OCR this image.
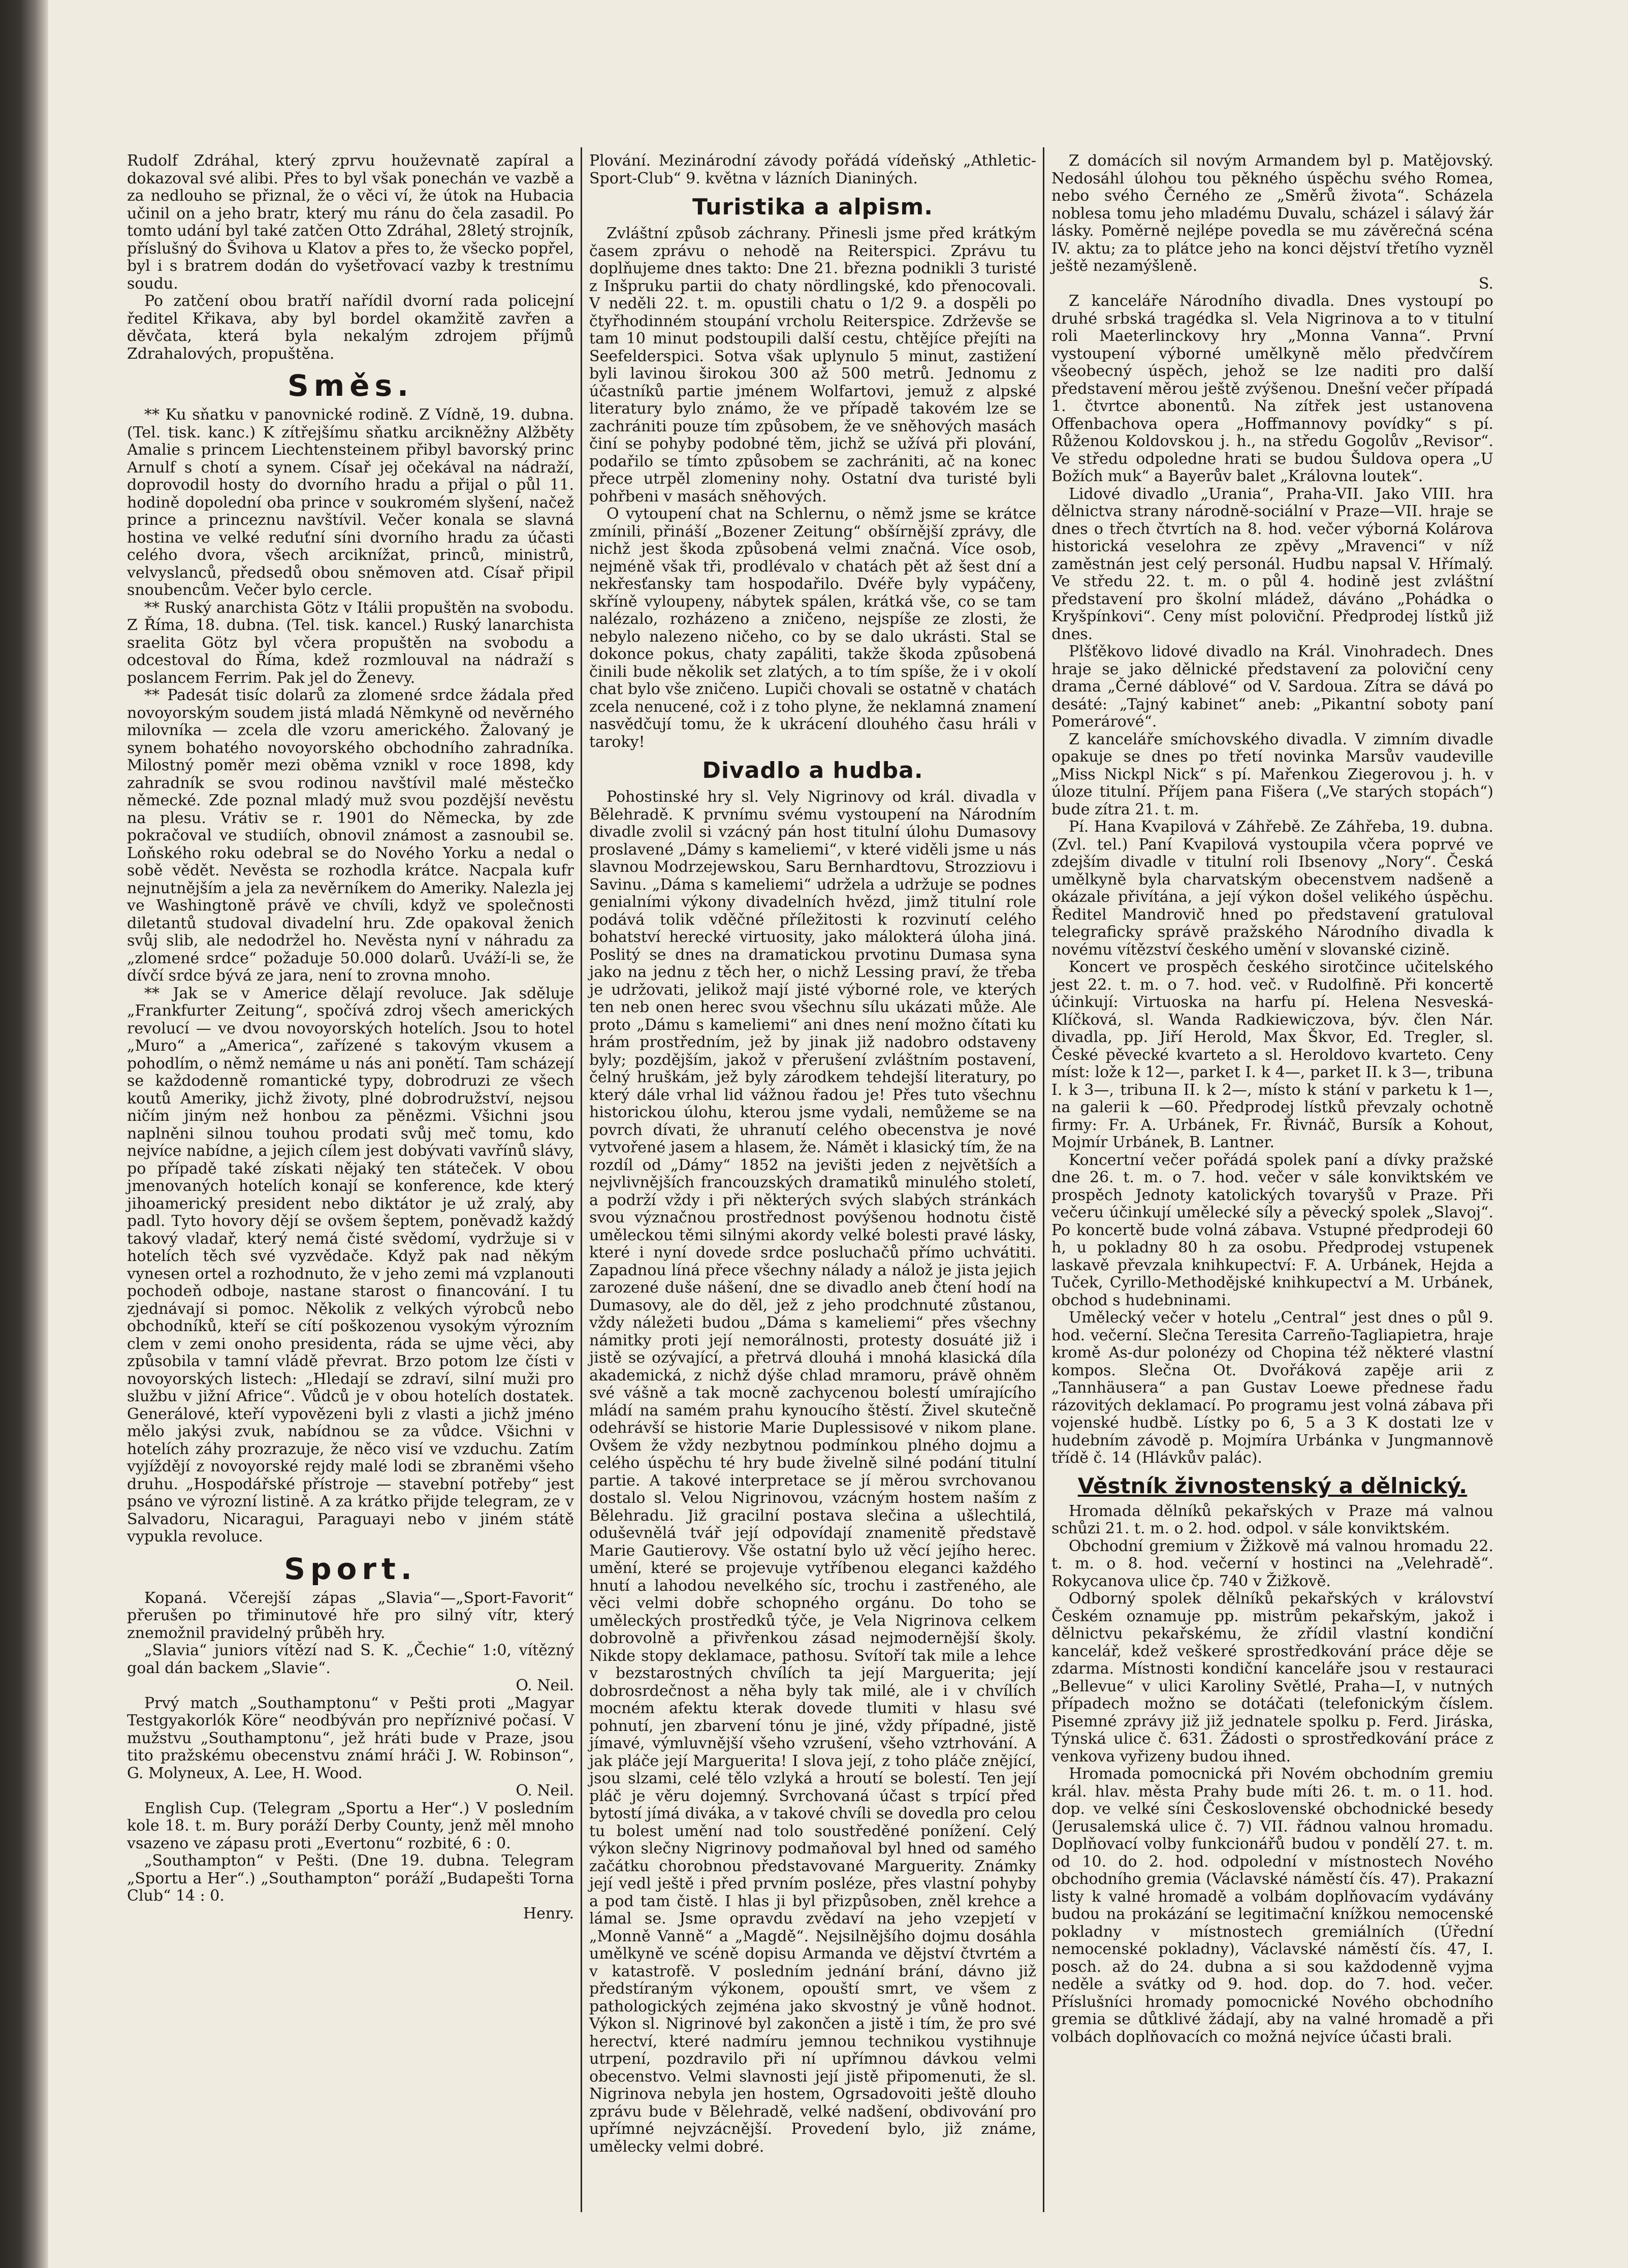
Rudolf Zdráhal, který zprvu houževnatě zapíral a dokazoval své alibi. Přes to byl však ponechán ve vazbě a za nedlouho se přiznal, že o věci ví, že útok na Hubacia učinil on a jeho bratr, který mu ránu do čela zasadil. Po tomto udání byl také zatčen Otto Zdráhal, 28letý strojník, příslušný do Švihova u Klatov a přes to, že všecko popřel, byl i s bratrem dodán do vyšetřovací vazby k trestnímu soudu.

Po zatčení obou bratří nařídil dvorní rada policejní ředitel Křikava, aby byl bordel okamžitě zavřen a děvčata, která byla nekalým zdrojem příjmů Zdrahalových, propuštěna.

Směs.

** Ku sňatku v panovnické rodině. Z Vídně, 19. dubna. (Tel. tisk. kanc.) K zítřejšímu sňatku arcikněžny Alžběty Amalie s princem Liechtensteinem přibyl bavorský princ Arnulf s chotí a synem. Císař jej očekával na nádraží, doprovodil hosty do dvorního hradu a přijal o půl 11. hodině dopolední oba prince v soukromém slyšení, načež prince a princeznu navštívil. Večer konala se slavná hostina ve velké reduťní síni dvorního hradu za účasti celého dvora, všech arciknížat, princů, ministrů, velvyslanců, předsedů obou sněmoven atd. Císař připil snoubencům. Večer bylo cercle.

** Ruský anarchista Götz v Itálii propuštěn na svobodu. Z Říma, 18. dubna. (Tel. tisk. kancel.) Ruský lanarchista sraelita Götz byl včera propuštěn na svobodu a odcestoval do Říma, kdež rozmlouval na nádraží s poslancem Ferrim. Pak jel do Ženevy.

** Padesát tisíc dolarů za zlomené srdce žádala před novoyorským soudem jistá mladá Němkyně od nevěrného milovníka — zcela dle vzoru amerického. Žalovaný je synem bohatého novoyorského obchodního zahradníka. Milostný poměr mezi oběma vznikl v roce 1898, kdy zahradník se svou rodinou navštívil malé městečko německé. Zde poznal mladý muž svou pozdější nevěstu na plesu. Vrátiv se r. 1901 do Německa, by zde pokračoval ve studiích, obnovil známost a zasnoubil se. Loňského roku odebral se do Nového Yorku a nedal o sobě vědět. Nevěsta se rozhodla krátce. Nacpala kufr nejnutnějším a jela za nevěrníkem do Ameriky. Nalezla jej ve Washingtoně právě ve chvíli, když ve společnosti diletantů studoval divadelní hru. Zde opakoval ženich svůj slib, ale nedodržel ho. Nevěsta nyní v náhradu za „zlomené srdce“ požaduje 50.000 dolarů. Uváží-li se, že dívčí srdce bývá ze jara, není to zrovna mnoho.

** Jak se v Americe dělají revoluce. Jak sděluje „Frankfurter Zeitung“, spočívá zdroj všech amerických revolucí — ve dvou novoyorských hotelích. Jsou to hotel „Muro“ a „America“, zařízené s takovým vkusem a pohodlím, o němž nemáme u nás ani ponětí. Tam scházejí se každodenně romantické typy, dobrodruzi ze všech koutů Ameriky, jichž životy, plné dobrodružství, nejsou ničím jiným než honbou za pěnězmi. Všichni jsou naplněni silnou touhou prodati svůj meč tomu, kdo nejvíce nabídne, a jejich cílem jest dobývati vavřínů slávy, po případě také získati nějaký ten státeček. V obou jmenovaných hotelích konají se konference, kde který jihoamerický president nebo diktátor je už zralý, aby padl. Tyto hovory dějí se ovšem šeptem, poněvadž každý takový vladař, který nemá čisté svědomí, vydržuje si v hotelích těch své vyzvědače. Když pak nad někým vynesen ortel a rozhodnuto, že v jeho zemi má vzplanouti pochodeň odboje, nastane starost o financování. I tu zjednávají si pomoc. Několik z velkých výrobců nebo obchodníků, kteří se cítí poškozenou vysokým výrozním clem v zemi onoho presidenta, ráda se ujme věci, aby způsobila v tamní vládě převrat. Brzo potom lze čísti v novoyorských listech: „Hledají se zdraví, silní muži pro službu v jižní Africe“. Vůdců je v obou hotelích dostatek. Generálové, kteří vypovězeni byli z vlasti a jichž jméno mělo jakýsi zvuk, nabídnou se za vůdce. Všichni v hotelích záhy prozrazuje, že něco visí ve vzduchu. Zatím vyjíždějí z novoyorské rejdy malé lodi se zbraněmi všeho druhu. „Hospodářské přístroje — stavební potřeby“ jest psáno ve výrozní listině. A za krátko přijde telegram, ze v Salvadoru, Nicaragui, Paraguayi nebo v jiném státě vypukla revoluce.

Sport.

Kopaná. Včerejší zápas „Slavia“—„Sport-Favorit“ přerušen po třiminutové hře pro silný vítr, který znemožnil pravidelný průběh hry.

„Slavia“ juniors vítězí nad S. K. „Čechie“ 1:0, vítězný goal dán backem „Slavie“.

O. Neil.

Prvý match „Southamptonu“ v Pešti proti „Magyar Testgyakorlók Köre“ neodbýván pro nepříznivé počasí. V mužstvu „Southamptonu“, jež hráti bude v Praze, jsou tito pražskému obecenstvu známí hráči J. W. Robinson“, G. Molyneux, A. Lee, H. Wood.

O. Neil.

English Cup. (Telegram „Sportu a Her“.) V posledním kole 18. t. m. Bury poráží Derby County, jenž měl mnoho vsazeno ve zápasu proti „Evertonu“ rozbité, 6 : 0.

„Southampton“ v Pešti. (Dne 19. dubna. Telegram „Sportu a Her“.) „Southampton“ poráží „Budapešti Torna Club“ 14 : 0.

Henry.

Plování. Mezinárodní závody pořádá vídeňský „Athletic-Sport-Club“ 9. května v lázních Dianiných.

Turistika a alpism.

Zvláštní způsob záchrany. Přinesli jsme před krátkým časem zprávu o nehodě na Reiterspici. Zprávu tu doplňujeme dnes takto: Dne 21. března podnikli 3 turisté z Inšpruku partii do chaty nördlingské, kdo přenocovali. V neděli 22. t. m. opustili chatu o 1/2 9. a dospěli po čtyřhodinném stoupání vrcholu Reiterspice. Zdrževše se tam 10 minut podstoupili další cestu, chtějíce přejíti na Seefelderspici. Sotva však uplynulo 5 minut, zastižení byli lavinou širokou 300 až 500 metrů. Jednomu z účastníků partie jménem Wolfartovi, jemuž z alpské literatury bylo známo, že ve případě takovém lze se zachrániti pouze tím způsobem, že ve sněhových masách činí se pohyby podobné těm, jichž se užívá při plování, podařilo se tímto způsobem se zachrániti, ač na konec přece utrpěl zlomeniny nohy. Ostatní dva turisté byli pohřbeni v masách sněhových.

O vytoupení chat na Schlernu, o němž jsme se krátce zmínili, přináší „Bozener Zeitung“ obšírnější zprávy, dle nichž jest škoda způsobená velmi značná. Více osob, nejméně však tři, prodlévalo v chatách pět až šest dní a nekřesťansky tam hospodařilo. Dvéře byly vypáčeny, skříně vyloupeny, nábytek spálen, krátká vše, co se tam nalézalo, rozházeno a zničeno, nejspíše ze zlosti, že nebylo nalezeno ničeho, co by se dalo ukrásti. Stal se dokonce pokus, chaty zapáliti, takže škoda způsobená činili bude několik set zlatých, a to tím spíše, že i v okolí chat bylo vše zničeno. Lupiči chovali se ostatně v chatách zcela nenucené, což i z toho plyne, že neklamná znamení nasvědčují tomu, že k ukrácení dlouhého času hráli v taroky!

Divadlo a hudba.

Pohostinské hry sl. Vely Nigrinovy od král. divadla v Bělehradě. K prvnímu svému vystoupení na Národním divadle zvolil si vzácný pán host titulní úlohu Dumasovy proslavené „Dámy s kameliemi“, v které viděli jsme u nás slavnou Modrzejewskou, Saru Bernhardtovu, Strozziovu i Savinu. „Dáma s kameliemi“ udržela a udržuje se podnes genialními výkony divadelních hvězd, jimž titulní role podává tolik vděčné příležitosti k rozvinutí celého bohatství herecké virtuosity, jako málokterá úloha jiná. Poslitý se dnes na dramatickou prvotinu Dumasa syna jako na jednu z těch her, o nichž Lessing praví, že třeba je udržovati, jelikož mají jisté výborné role, ve kterých ten neb onen herec svou všechnu sílu ukázati může. Ale proto „Dámu s kameliemi“ ani dnes není možno čítati ku hrám prostředním, jež by jinak již nadobro odstaveny byly; pozdějším, jakož v přerušení zvláštním postavení, čelný hruškám, jež byly zárodkem tehdejší literatury, po který dále vrhal lid vážnou řadou je! Přes tuto všechnu historickou úlohu, kterou jsme vydali, nemůžeme se na povrch dívati, že uhranutí celého obecenstva je nové vytvořené jasem a hlasem, že. Námět i klasický tím, že na rozdíl od „Dámy“ 1852 na jevišti jeden z největších a nejvlivnějších francouzských dramatiků minulého století, a podrží vždy i při některých svých slabých stránkách svou význačnou prostřednost povýšenou hodnotu čistě uměleckou těmi silnými akordy velké bolesti pravé lásky, které i nyní dovede srdce posluchačů přímo uchvátiti. Zapadnou líná přece všechny nálady a nálož je jista jejich zarozené duše nášení, dne se divadlo aneb čtení hodí na Dumasovy, ale do děl, jež z jeho prodchnuté zůstanou, vždy náležeti budou „Dáma s kameliemi“ přes všechny námitky proti její nemorálnosti, protesty dosuáté již i jistě se ozývající, a přetrvá dlouhá i mnohá klasická díla akademická, z nichž dýše chlad mramoru, právě ohněm své vášně a tak mocně zachycenou bolestí umírajícího mládí na samém prahu kynoucího štěstí. Živel skutečně odehrávší se historie Marie Duplessisové v nikom plane. Ovšem že vždy nezbytnou podmínkou plného dojmu a celého úspěchu té hry bude živelně silné podání titulní partie. A takové interpretace se jí měrou svrchovanou dostalo sl. Velou Nigrinovou, vzácným hostem naším z Bělehradu. Již gracilní postava slečina a ušlechtilá, oduševnělá tvář její odpovídají znamenitě představě Marie Gautierovy. Vše ostatní bylo už věcí jejího herec. umění, které se projevuje vytříbenou eleganci každého hnutí a lahodou nevelkého síc, trochu i zastřeného, ale věci velmi dobře schopného orgánu. Do toho se uměleckých prostředků týče, je Vela Nigrinova celkem dobrovolně a přivřenkou zásad nejmodernější školy. Nikde stopy deklamace, pathosu. Svítoří tak mile a lehce v bezstarostných chvílích ta její Marguerita; její dobrosrdečnost a něha byly tak milé, ale i v chvílích mocném afektu kterak dovede tlumiti v hlasu své pohnutí, jen zbarvení tónu je jiné, vždy případné, jistě jímavé, výmluvnější všeho vzrušení, všeho vztrhování. A jak pláče její Marguerita! I slova její, z toho pláče znějící, jsou slzami, celé tělo vzlyká a hroutí se bolestí. Ten její pláč je věru dojemný. Svrchovaná účast s trpící před bytostí jímá diváka, a v takové chvíli se dovedla pro celou tu bolest umění nad tolo soustředěné ponížení. Celý výkon slečny Nigrinovy podmaňoval byl hned od samého začátku chorobnou představované Marguerity. Známky její vedl ještě i před prvním posléze, přes vlastní pohyby a pod tam čistě. I hlas ji byl přizpůsoben, zněl krehce a lámal se. Jsme opravdu zvědaví na jeho vzepjetí v „Monně Vanně“ a „Magdě“. Nejsilnějšího dojmu dosáhla umělkyně ve scéně dopisu Armanda ve dějství čtvrtém a v katastrofě. V posledním jednání brání, dávno již předstíraným výkonem, opouští smrt, ve všem z pathologických zejména jako skvostný je vůně hodnot. Výkon sl. Nigrinové byl zakončen a jistě i tím, že pro své herectví, které nadmíru jemnou technikou vystihnuje utrpení, pozdravilo při ní upřímnou dávkou velmi obecenstvo. Velmi slavnosti její jistě připomenuti, že sl. Nigrinova nebyla jen hostem, Ogrsadovoiti ještě dlouho zprávu bude v Bělehradě, velké nadšení, obdivování pro upřímné nejvzácnější. Provedení bylo, již známe, umělecky velmi dobré.

Z domácích sil novým Armandem byl p. Matějovský. Nedosáhl úlohou tou pěkného úspěchu svého Romea, nebo svého Černého ze „Směrů života“. Scházela noblesa tomu jeho mladému Duvalu, scházel i sálavý žár lásky. Poměrně nejlépe povedla se mu závěrečná scéna IV. aktu; za to plátce jeho na konci dějství třetího vyzněl ještě nezamýšleně.

S.

Z kanceláře Národního divadla. Dnes vystoupí po druhé srbská tragédka sl. Vela Nigrinova a to v titulní roli Maeterlinckovy hry „Monna Vanna“. První vystoupení výborné umělkyně mělo předvčírem všeobecný úspěch, jehož se lze naditi pro další představení měrou ještě zvýšenou. Dnešní večer případá 1. čtvrtce abonentů. Na zítřek jest ustanovena Offenbachova opera „Hoffmannovy povídky“ s pí. Růženou Koldovskou j. h., na středu Gogolův „Revisor“. Ve středu odpoledne hrati se budou Šuldova opera „U Božích muk“ a Bayerův balet „Královna loutek“.

Lidové divadlo „Urania“, Praha-VII. Jako VIII. hra dělnictva strany národně-sociální v Praze—VII. hraje se dnes o třech čtvrtích na 8. hod. večer výborná Kolárova historická veselohra ze zpěvy „Mravenci“ v níž zaměstnán jest celý personál. Hudbu napsal V. Hřímalý. Ve středu 22. t. m. o půl 4. hodině jest zvláštní představení pro školní mládež, dáváno „Pohádka o Kryšpínkovi“. Ceny míst poloviční. Předprodej lístků již dnes.

Plšťěkovo lidové divadlo na Král. Vinohradech. Dnes hraje se jako dělnické představení za poloviční ceny drama „Černé dáblové“ od V. Sardoua. Zítra se dává po desáté: „Tajný kabinet“ aneb: „Pikantní soboty paní Pomerárové“.

Z kanceláře smíchovského divadla. V zimním divadle opakuje se dnes po třetí novinka Marsův vaudeville „Miss Nickpl Nick“ s pí. Mařenkou Ziegerovou j. h. v úloze titulní. Příjem pana Fišera („Ve starých stopách“) bude zítra 21. t. m.

Pí. Hana Kvapilová v Záhřebě. Ze Záhřeba, 19. dubna. (Zvl. tel.) Paní Kvapilová vystoupila včera poprvé ve zdejším divadle v titulní roli Ibsenovy „Nory“. Česká umělkyně byla charvatským obecenstvem nadšeně a okázale přivítána, a její výkon došel velikého úspěchu. Ředitel Mandrovič hned po představení gratuloval telegraficky správě pražského Národního divadla k novému vítězství českého umění v slovanské cizině.

Koncert ve prospěch českého sirotčince učitelského jest 22. t. m. o 7. hod. več. v Rudolfině. Při koncertě účinkují: Virtuoska na harfu pí. Helena Nesveská-Klíčková, sl. Wanda Radkiewiczova, býv. člen Nár. divadla, pp. Jiří Herold, Max Škvor, Ed. Tregler, sl. České pěvecké kvarteto a sl. Heroldovo kvarteto. Ceny míst: lože k 12—, parket I. k 4—, parket II. k 3—, tribuna I. k 3—, tribuna II. k 2—, místo k stání v parketu k 1—, na galerii k —60. Předprodej lístků převzaly ochotně firmy: Fr. A. Urbánek, Fr. Řivnáč, Bursík a Kohout, Mojmír Urbánek, B. Lantner.

Koncertní večer pořádá spolek paní a dívky pražské dne 26. t. m. o 7. hod. večer v sále konviktském ve prospěch Jednoty katolických tovaryšů v Praze. Při večeru účinkují umělecké síly a pěvecký spolek „Slavoj“. Po koncertě bude volná zábava. Vstupné předprodeji 60 h, u pokladny 80 h za osobu. Předprodej vstupenek laskavě převzala knihkupectví: F. A. Urbánek, Hejda a Tuček, Cyrillo-Methodějské knihkupectví a M. Urbánek, obchod s hudebninami.

Umělecký večer v hotelu „Central“ jest dnes o půl 9. hod. večerní. Slečna Teresita Carreño-Tagliapietra, hraje kromě As-dur polonézy od Chopina též některé vlastní kompos. Slečna Ot. Dvořáková zapěje arii z „Tannhäusera“ a pan Gustav Loewe přednese řadu rázovitých deklamací. Po programu jest volná zábava při vojenské hudbě. Lístky po 6, 5 a 3 K dostati lze v hudebním závodě p. Mojmíra Urbánka v Jungmannově třídě č. 14 (Hlávkův palác).

Věstník živnostenský a dělnický.

Hromada dělníků pekařských v Praze má valnou schůzi 21. t. m. o 2. hod. odpol. v sále konviktském.

Obchodní gremium v Žižkově má valnou hromadu 22. t. m. o 8. hod. večerní v hostinci na „Velehradě“. Rokycanova ulice čp. 740 v Žižkově.

Odborný spolek dělníků pekařských v království Českém oznamuje pp. mistrům pekařským, jakož i dělnictvu pekařskému, že zřídil vlastní kondiční kancelář, kdež veškeré sprostředkování práce děje se zdarma. Místnosti kondiční kanceláře jsou v restauraci „Bellevue“ v ulici Karoliny Světlé, Praha—I, v nutných případech možno se dotáčati (telefonickým číslem. Pisemné zprávy již již jednatele spolku p. Ferd. Jiráska, Týnská ulice č. 631. Žádosti o sprostředkování práce z venkova vyřizeny budou ihned.

Hromada pomocnická při Novém obchodním gremiu král. hlav. města Prahy bude míti 26. t. m. o 11. hod. dop. ve velké síni Československé obchodnické besedy (Jerusalemská ulice č. 7) VII. řádnou valnou hromadu. Doplňovací volby funkcionářů budou v pondělí 27. t. m. od 10. do 2. hod. odpolední v místnostech Nového obchodního gremia (Václavské náměstí čís. 47). Prakazní listy k valné hromadě a volbám doplňovacím vydávány budou na prokázání se legitimační knížkou nemocenské pokladny v místnostech gremiálních (Úřední nemocenské pokladny), Václavské náměstí čís. 47, I. posch. až do 24. dubna a si sou každodenně vyjma neděle a svátky od 9. hod. dop. do 7. hod. večer. Příslušníci hromady pomocnické Nového obchodního gremia se důtklivé žádají, aby na valné hromadě a při volbách doplňovacích co možná nejvíce účasti brali.
